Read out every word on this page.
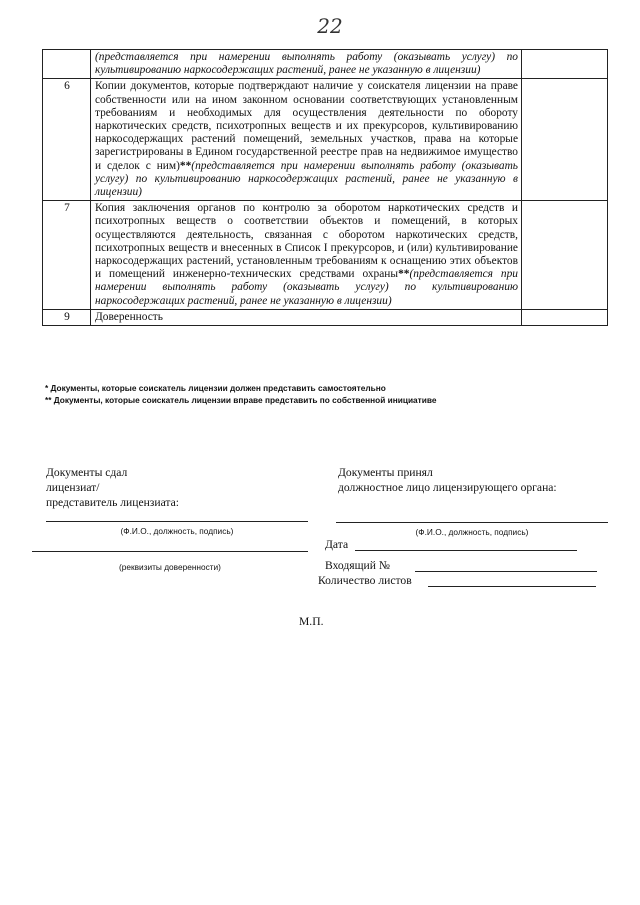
22
	(представляется при намерении выполнять работу (оказывать услугу) по культивированию наркосодержащих растений, ранее не указанную в лицензии)	
6	Копии документов, которые подтверждают наличие у соискателя лицензии на праве собственности или на ином законном основании соответствующих установленным требованиям и необходимых для осуществления деятельности по обороту наркотических средств, психотропных веществ и их прекурсоров, культивированию наркосодержащих растений помещений, земельных участков, права на которые зарегистрированы в Едином государственной реестре прав на недвижимое имущество и сделок с ним)**(представляется при намерении выполнять работу (оказывать услугу) по культивированию наркосодержащих растений, ранее не указанную в лицензии)	
7	Копия заключения органов по контролю за оборотом наркотических средств и психотропных веществ о соответствии объектов и помещений, в которых осуществляются деятельность, связанная с оборотом наркотических средств, психотропных веществ и внесенных в Список I прекурсоров, и (или) культивирование наркосодержащих растений, установленным требованиям к оснащению этих объектов и помещений инженерно-технических средствами охраны**(представляется при намерении выполнять работу (оказывать услугу) по культивированию наркосодержащих растений, ранее не указанную в лицензии)	
9	Доверенность	
* Документы, которые соискатель лицензии должен представить самостоятельно
** Документы, которые соискатель лицензии вправе представить по собственной инициативе
Документы сдал
лицензиат/
представитель лицензиата:
(Ф.И.О., должность, подпись)
(реквизиты доверенности)
Документы принял
должностное лицо лицензирующего органа:
(Ф.И.О., должность, подпись)
Дата
Входящий №
Количество листов
М.П.
